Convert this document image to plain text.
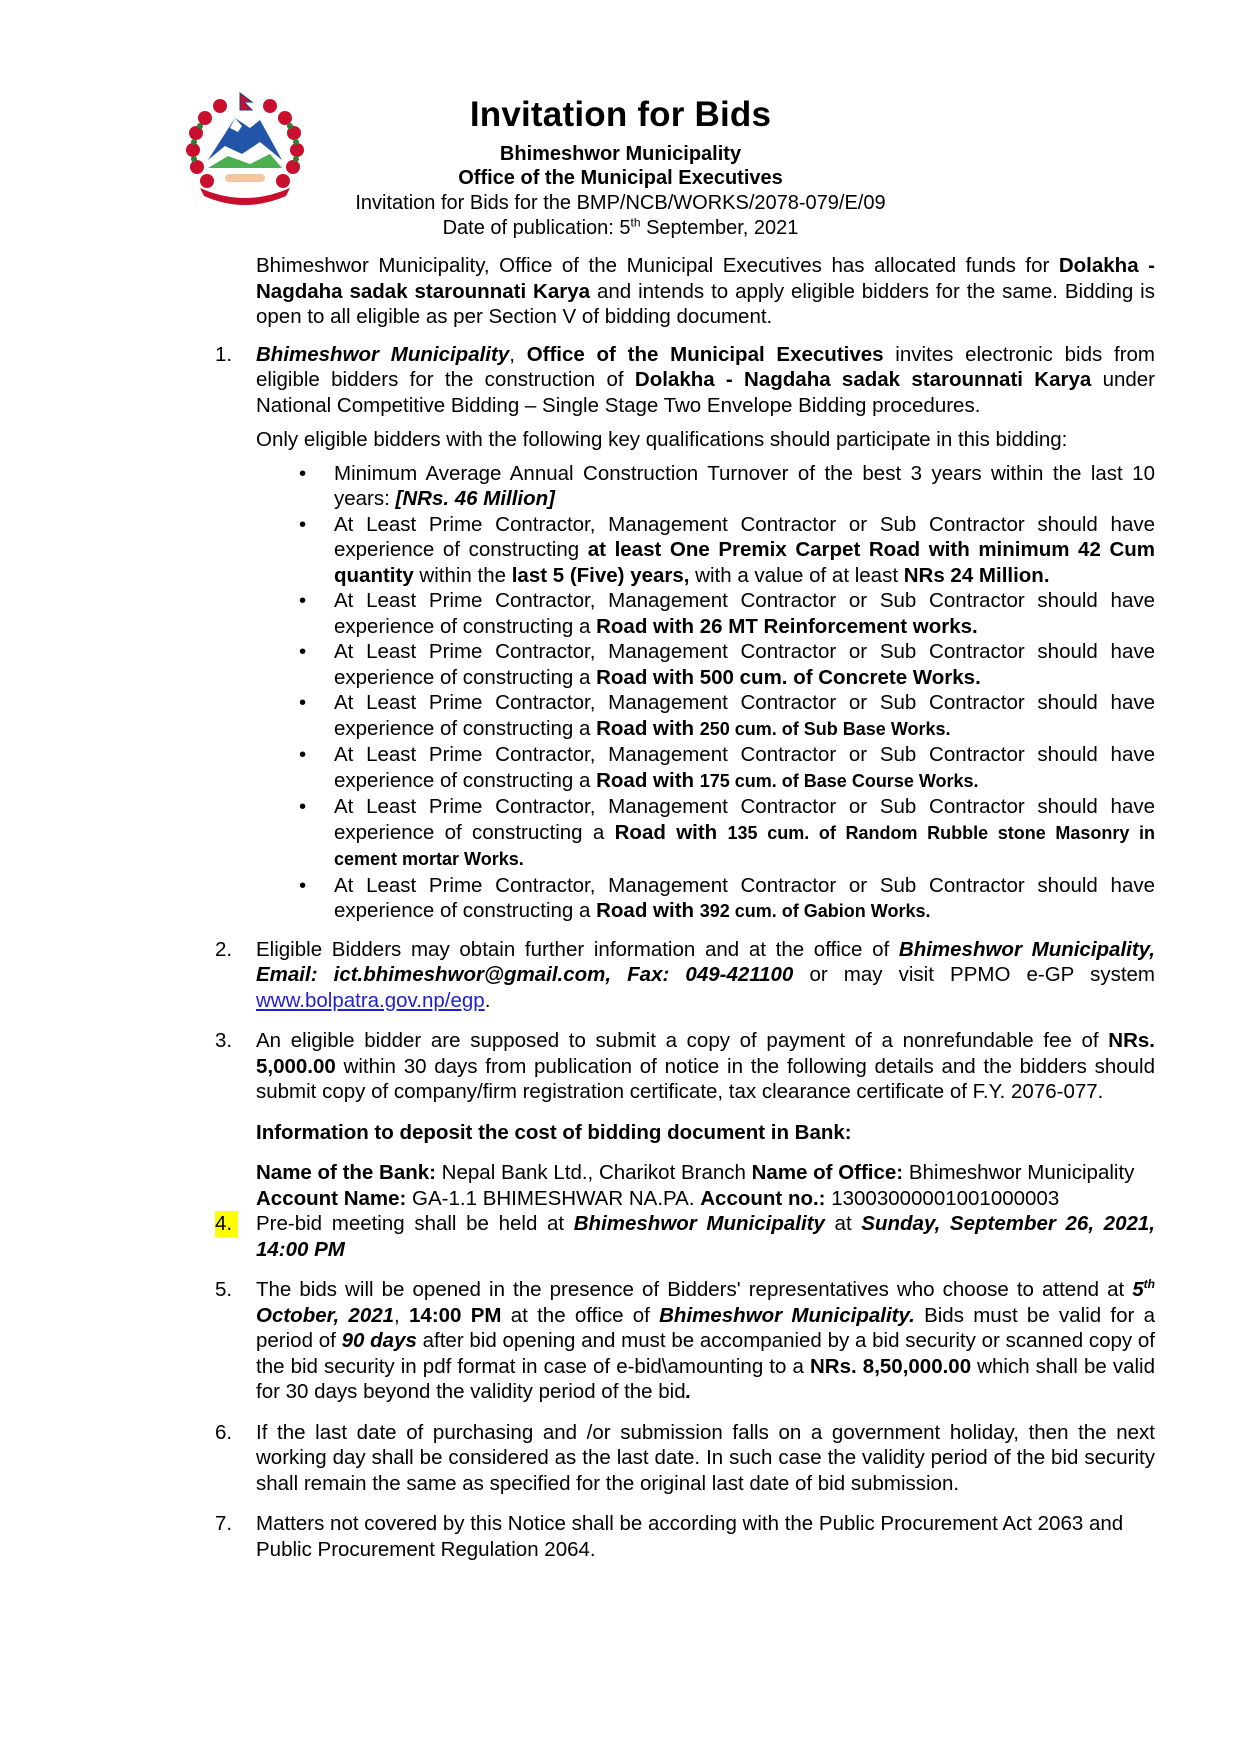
Invitation for Bids
Bhimeshwor Municipality
Office of the Municipal Executives
Invitation for Bids for the BMP/NCB/WORKS/2078-079/E/09
Date of publication: 5th September, 2021

Bhimeshwor Municipality, Office of the Municipal Executives has allocated funds for Dolakha - Nagdaha sadak starounnati Karya and intends to apply eligible bidders for the same. Bidding is open to all eligible as per Section V of bidding document.

1. Bhimeshwor Municipality, Office of the Municipal Executives invites electronic bids from eligible bidders for the construction of Dolakha - Nagdaha sadak starounnati Karya under National Competitive Bidding – Single Stage Two Envelope Bidding procedures.

Only eligible bidders with the following key qualifications should participate in this bidding:

• Minimum Average Annual Construction Turnover of the best 3 years within the last 10 years: [NRs. 46 Million]
• At Least Prime Contractor, Management Contractor or Sub Contractor should have experience of constructing at least One Premix Carpet Road with minimum 42 Cum quantity within the last 5 (Five) years, with a value of at least NRs 24 Million.
• At Least Prime Contractor, Management Contractor or Sub Contractor should have experience of constructing a Road with 26 MT Reinforcement works.
• At Least Prime Contractor, Management Contractor or Sub Contractor should have experience of constructing a Road with 500 cum. of Concrete Works.
• At Least Prime Contractor, Management Contractor or Sub Contractor should have experience of constructing a Road with 250 cum. of Sub Base Works.
• At Least Prime Contractor, Management Contractor or Sub Contractor should have experience of constructing a Road with 175 cum. of Base Course Works.
• At Least Prime Contractor, Management Contractor or Sub Contractor should have experience of constructing a Road with 135 cum. of Random Rubble stone Masonry in cement mortar Works.
• At Least Prime Contractor, Management Contractor or Sub Contractor should have experience of constructing a Road with 392 cum. of Gabion Works.
2. Eligible Bidders may obtain further information and at the office of Bhimeshwor Municipality, Email: ict.bhimeshwor@gmail.com, Fax: 049-421100 or may visit PPMO e-GP system www.bolpatra.gov.np/egp.

3. An eligible bidder are supposed to submit a copy of payment of a nonrefundable fee of NRs. 5,000.00 within 30 days from publication of notice in the following details and the bidders should submit copy of company/firm registration certificate, tax clearance certificate of F.Y. 2076-077.

Information to deposit the cost of bidding document in Bank:

Name of the Bank: Nepal Bank Ltd., Charikot Branch Name of Office: Bhimeshwor Municipality
Account Name: GA-1.1 BHIMESHWAR NA.PA. Account no.: 13003000001001000003

4. Pre-bid meeting shall be held at Bhimeshwor Municipality at Sunday, September 26, 2021, 14:00 PM

5. The bids will be opened in the presence of Bidders' representatives who choose to attend at 5th October, 2021, 14:00 PM at the office of Bhimeshwor Municipality. Bids must be valid for a period of 90 days after bid opening and must be accompanied by a bid security or scanned copy of the bid security in pdf format in case of e-bid\amounting to a NRs. 8,50,000.00 which shall be valid for 30 days beyond the validity period of the bid.

6. If the last date of purchasing and /or submission falls on a government holiday, then the next working day shall be considered as the last date. In such case the validity period of the bid security shall remain the same as specified for the original last date of bid submission.

7. Matters not covered by this Notice shall be according with the Public Procurement Act 2063 and Public Procurement Regulation 2064.
